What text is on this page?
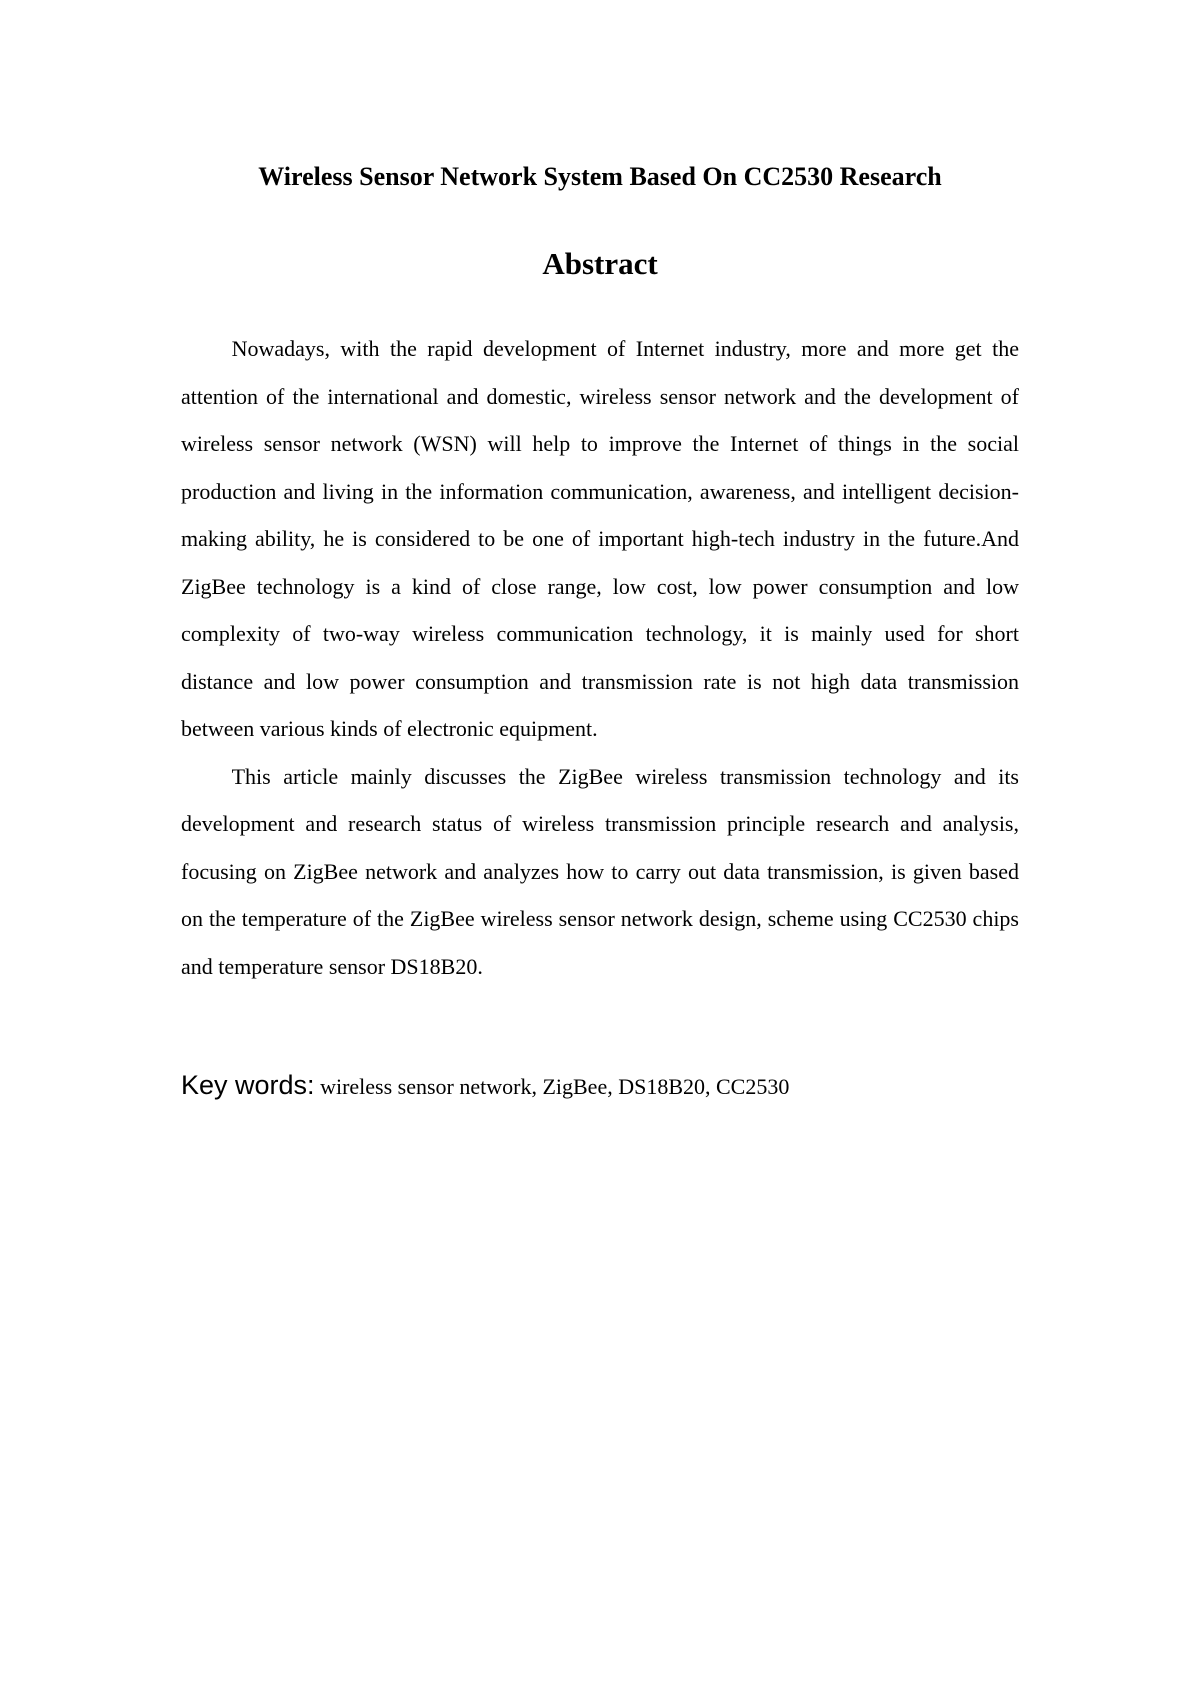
Wireless Sensor Network System Based On CC2530 Research
Abstract

Nowadays, with the rapid development of Internet industry, more and more get the attention of the international and domestic, wireless sensor network and the development of wireless sensor network (WSN) will help to improve the Internet of things in the social production and living in the information communication, awareness, and intelligent decision-making ability, he is considered to be one of important high-tech industry in the future.And ZigBee technology is a kind of close range, low cost, low power consumption and low complexity of two-way wireless communication technology, it is mainly used for short distance and low power consumption and transmission rate is not high data transmission between various kinds of electronic equipment.

This article mainly discusses the ZigBee wireless transmission technology and its development and research status of wireless transmission principle research and analysis, focusing on ZigBee network and analyzes how to carry out data transmission, is given based on the temperature of the ZigBee wireless sensor network design, scheme using CC2530 chips and temperature sensor DS18B20.

Key words: wireless sensor network, ZigBee, DS18B20, CC2530
